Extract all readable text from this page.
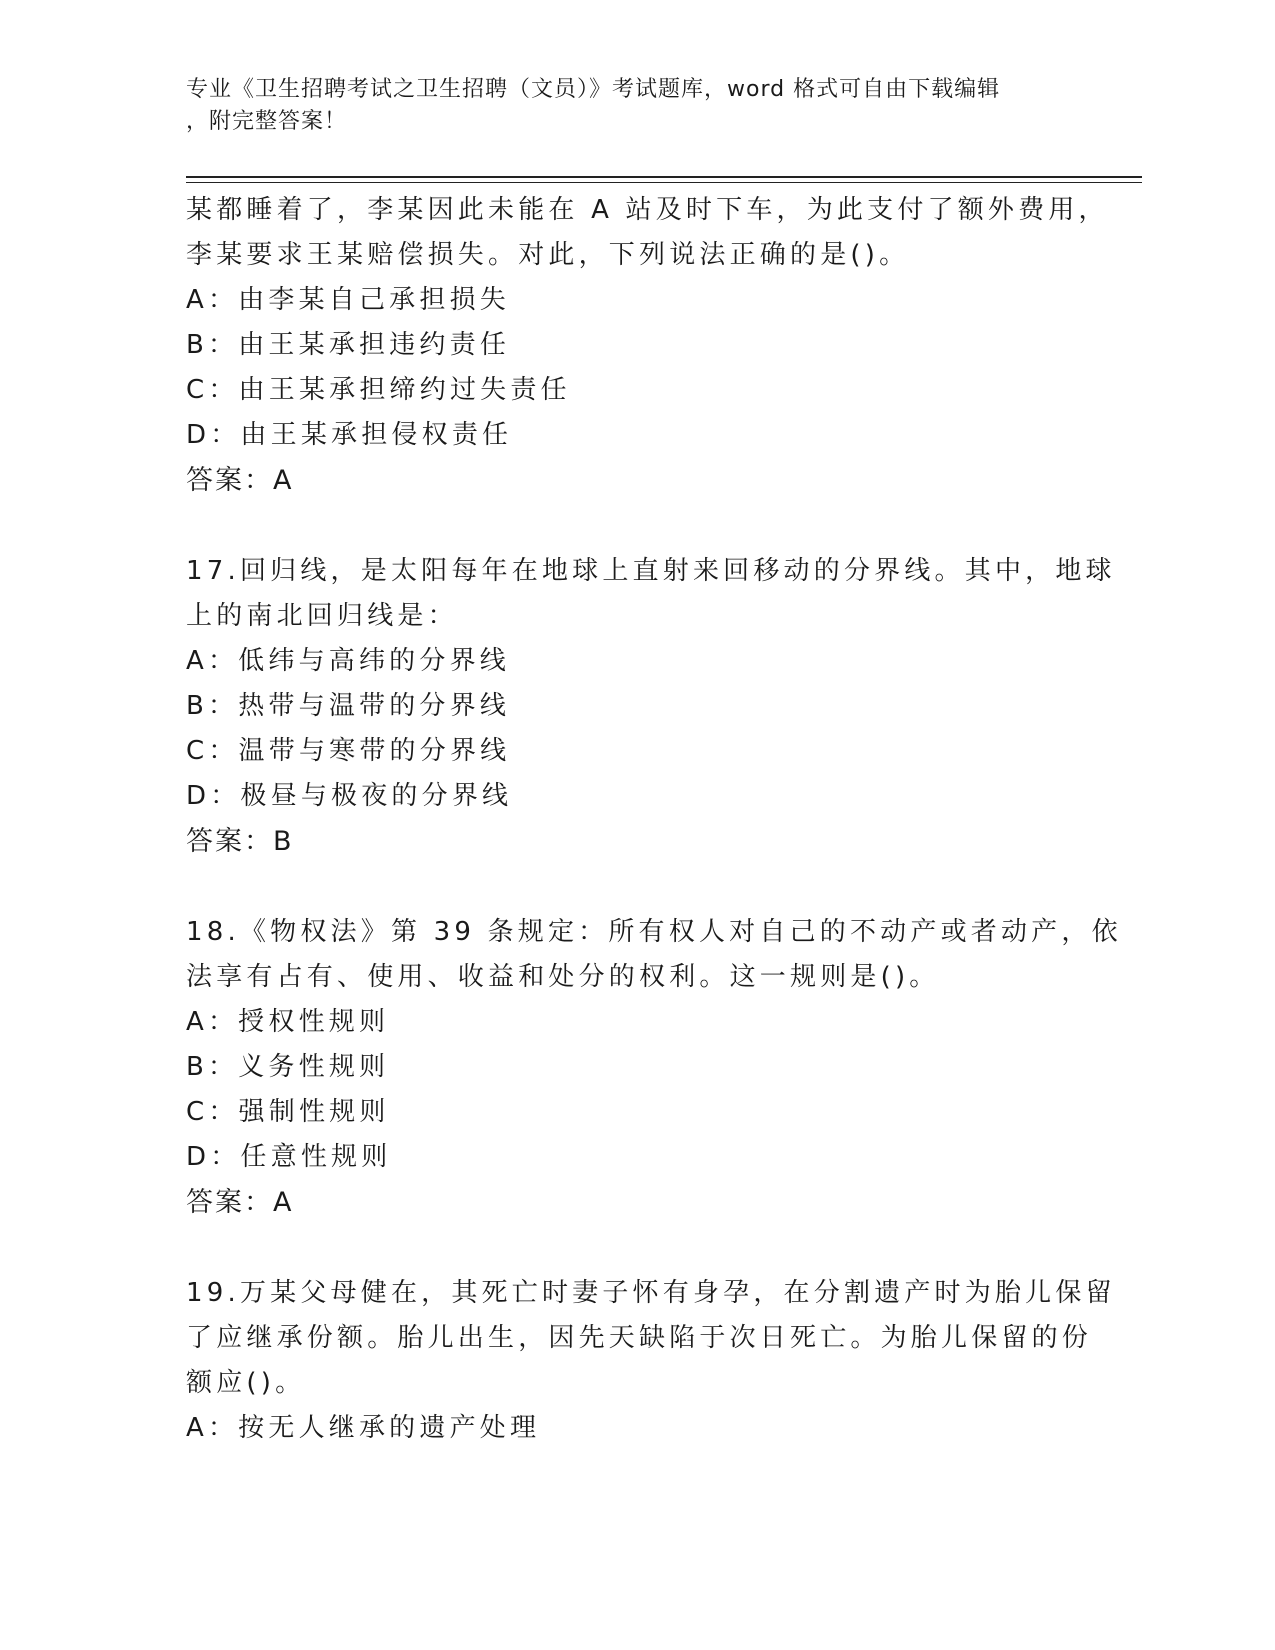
专业《卫生招聘考试之卫生招聘（文员）》考试题库，word 格式可自由下载编辑
，附完整答案！
某都睡着了，李某因此未能在 A 站及时下车，为此支付了额外费用，
李某要求王某赔偿损失。对此，下列说法正确的是()。
A：由李某自己承担损失
B：由王某承担违约责任
C：由王某承担缔约过失责任
D：由王某承担侵权责任
答案：A
17.回归线，是太阳每年在地球上直射来回移动的分界线。其中，地球
上的南北回归线是：
A：低纬与高纬的分界线
B：热带与温带的分界线
C：温带与寒带的分界线
D：极昼与极夜的分界线
答案：B
18.《物权法》第 39 条规定：所有权人对自己的不动产或者动产，依
法享有占有、使用、收益和处分的权利。这一规则是()。
A：授权性规则
B：义务性规则
C：强制性规则
D：任意性规则
答案：A
19.万某父母健在，其死亡时妻子怀有身孕，在分割遗产时为胎儿保留
了应继承份额。胎儿出生，因先天缺陷于次日死亡。为胎儿保留的份
额应()。
A：按无人继承的遗产处理
